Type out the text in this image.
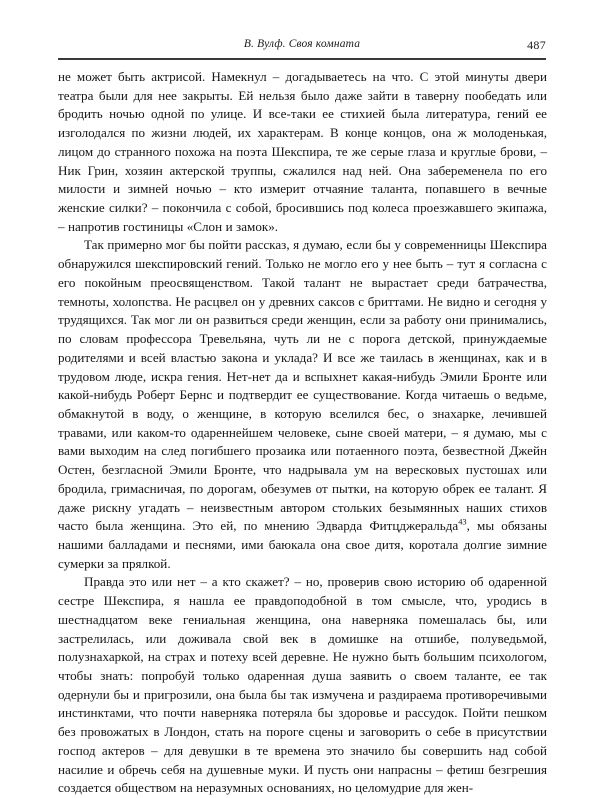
В. Вулф. Своя комната	487

не может быть актрисой. Намекнул – догадываетесь на что. С этой минуты двери театра были для нее закрыты. Ей нельзя было даже зайти в таверну пообедать или бродить ночью одной по улице. И все-таки ее стихией была литература, гений ее изголодался по жизни людей, их характерам. В конце концов, она ж молоденькая, лицом до странного похожа на поэта Шекспира, те же серые глаза и круглые брови, – Ник Грин, хозяин актерской труппы, сжалился над ней. Она забеременела по его милости и зимней ночью – кто измерит отчаяние таланта, попавшего в вечные женские силки? – покончила с собой, бросившись под колеса проезжавшего экипажа, – напротив гостиницы «Слон и замок».

Так примерно мог бы пойти рассказ, я думаю, если бы у современницы Шекспира обнаружился шекспировский гений. Только не могло его у нее быть – тут я согласна с его покойным преосвященством. Такой талант не вырастает среди батрачества, темноты, холопства. Не расцвел он у древних саксов с бриттами. Не видно и сегодня у трудящихся. Так мог ли он развиться среди женщин, если за работу они принимались, по словам профессора Тревельяна, чуть ли не с порога детской, принуждаемые родителями и всей властью закона и уклада? И все же таилась в женщинах, как и в трудовом люде, искра гения. Нет-нет да и вспыхнет какая-нибудь Эмили Бронте или какой-нибудь Роберт Бернс и подтвердит ее существование. Когда читаешь о ведьме, обмакнутой в воду, о женщине, в которую вселился бес, о знахарке, лечившей травами, или каком-то одареннейшем человеке, сыне своей матери, – я думаю, мы с вами выходим на след погибшего прозаика или потаенного поэта, безвестной Джейн Остен, безгласной Эмили Бронте, что надрывала ум на вересковых пустошах или бродила, гримасничая, по дорогам, обезумев от пытки, на которую обрек ее талант. Я даже рискну угадать – неизвестным автором стольких безымянных наших стихов часто была женщина. Это ей, по мнению Эдварда Фитцджеральда$^{43}$, мы обязаны нашими балладами и песнями, ими баюкала она свое дитя, коротала долгие зимние сумерки за прялкой.

Правда это или нет – а кто скажет? – но, проверив свою историю об одаренной сестре Шекспира, я нашла ее правдоподобной в том смысле, что, уродись в шестнадцатом веке гениальная женщина, она наверняка помешалась бы, или застрелилась, или доживала свой век в домишке на отшибе, полуведьмой, полузнахаркой, на страх и потеху всей деревне. Не нужно быть большим психологом, чтобы знать: попробуй только одаренная душа заявить о своем таланте, ее так одернули бы и пригрозили, она была бы так измучена и раздираема противоречивыми инстинктами, что почти наверняка потеряла бы здоровье и рассудок. Пойти пешком без провожатых в Лондон, стать на пороге сцены и заговорить о себе в присутствии господ актеров – для девушки в те времена это значило бы совершить над собой насилие и обречь себя на душевные муки. И пусть они напрасны – фетиш безгрешия создается обществом на неразумных основаниях, но целомудрие для жен-
